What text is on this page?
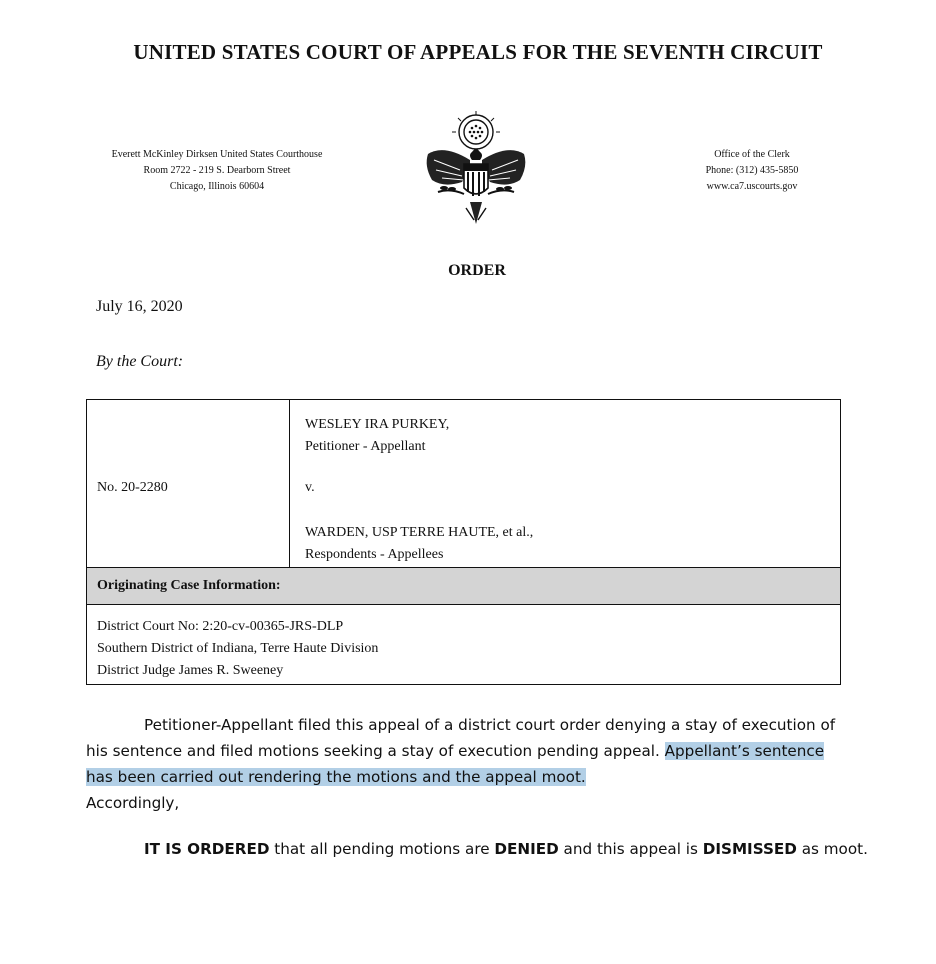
UNITED STATES COURT OF APPEALS FOR THE SEVENTH CIRCUIT
Everett McKinley Dirksen United States Courthouse
Room 2722 - 219 S. Dearborn Street
Chicago, Illinois 60604
Office of the Clerk
Phone: (312) 435-5850
www.ca7.uscourts.gov
ORDER
July 16, 2020
By the Court:
No. 20-2280
WESLEY IRA PURKEY,
Petitioner - Appellant
v.
WARDEN, USP TERRE HAUTE, et al.,
Respondents - Appellees
Originating Case Information:
District Court No: 2:20-cv-00365-JRS-DLP
Southern District of Indiana, Terre Haute Division
District Judge James R. Sweeney
Petitioner-Appellant filed this appeal of a district court order denying a stay of execution of his sentence and filed motions seeking a stay of execution pending appeal. Appellant’s sentence has been carried out rendering the motions and the appeal moot.
Accordingly,
IT IS ORDERED that all pending motions are DENIED and this appeal is DISMISSED as moot.
